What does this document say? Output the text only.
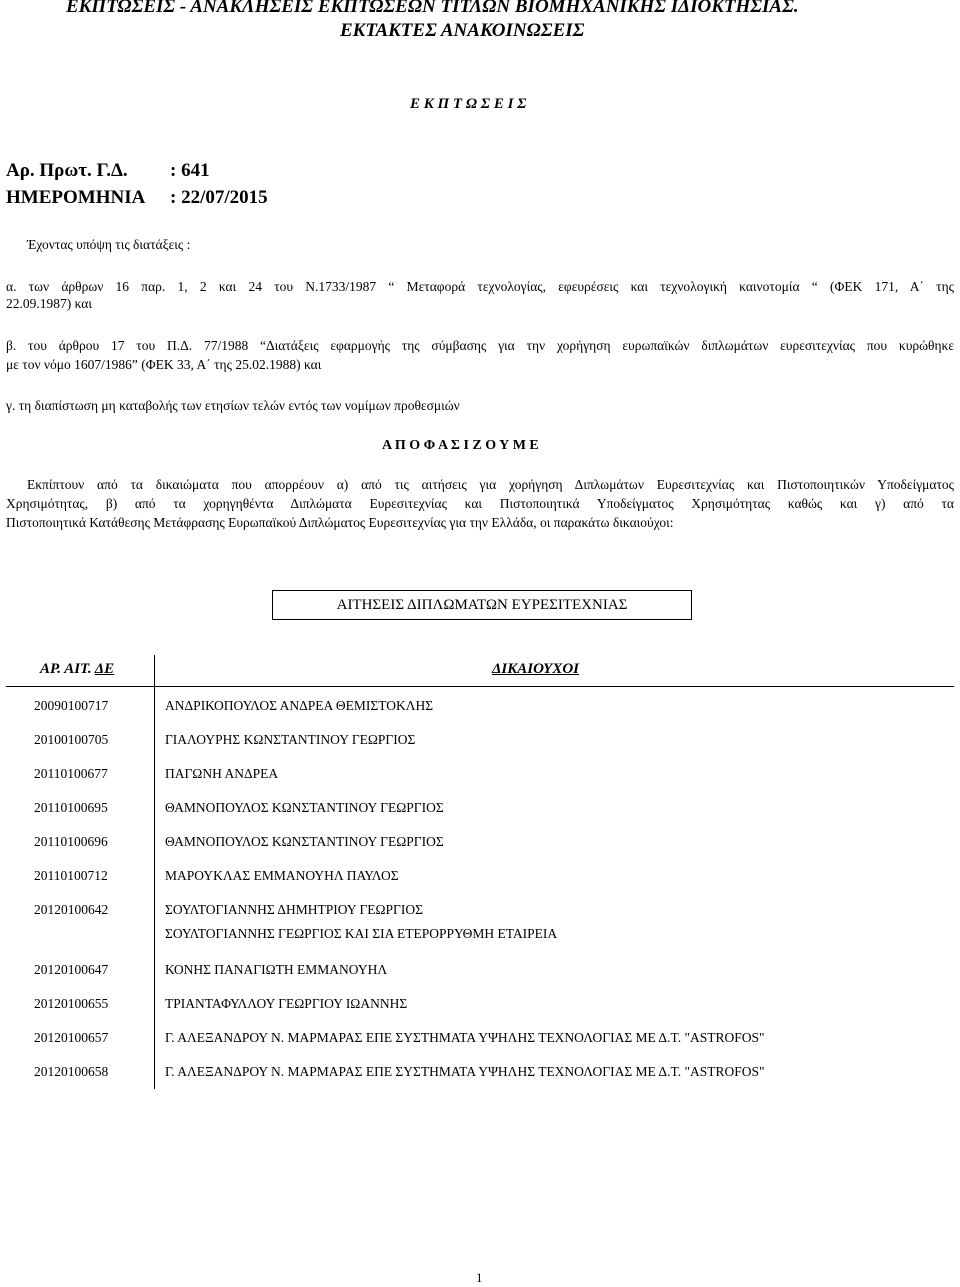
ΕΚΠΤΩΣΕΙΣ - ΑΝΑΚΛΗΣΕΙΣ ΕΚΠΤΩΣΕΩΝ ΤΙΤΛΩΝ ΒΙΟΜΗΧΑΝΙΚΗΣ ΙΔΙΟΚΤΗΣΙΑΣ.
ΕΚΤΑΚΤΕΣ ΑΝΑΚΟΙΝΩΣΕΙΣ
Ε Κ Π Τ Ω Σ Ε Ι Σ
Αρ. Πρωτ. Γ.Δ. : 641
ΗΜΕΡΟΜΗΝΙΑ : 22/07/2015
Έχοντας υπόψη τις διατάξεις :
α. των άρθρων 16 παρ. 1, 2 και 24 του Ν.1733/1987 “ Μεταφορά τεχνολογίας, εφευρέσεις και τεχνολογική καινοτομία “ (ΦΕΚ 171, Α΄ της
22.09.1987) και
β. του άρθρου 17 του Π.Δ. 77/1988 “Διατάξεις εφαρμογής της σύμβασης για την χορήγηση ευρωπαϊκών διπλωμάτων ευρεσιτεχνίας που κυρώθηκε
με τον νόμο 1607/1986” (ΦΕΚ 33, Α΄ της 25.02.1988) και
γ. τη διαπίστωση μη καταβολής των ετησίων τελών εντός των νομίμων προθεσμιών
Α Π Ο Φ Α Σ Ι Ζ Ο Υ Μ Ε
Εκπίπτουν από τα δικαιώματα που απορρέουν α) από τις αιτήσεις για χορήγηση Διπλωμάτων Ευρεσιτεχνίας και Πιστοποιητικών Υποδείγματος
Χρησιμότητας, β) από τα χορηγηθέντα Διπλώματα Ευρεσιτεχνίας και Πιστοποιητικά Υποδείγματος Χρησιμότητας καθώς και γ) από τα
Πιστοποιητικά Κατάθεσης Μετάφρασης Ευρωπαϊκού Διπλώματος Ευρεσιτεχνίας για την Ελλάδα, οι παρακάτω δικαιούχοι:
ΑΙΤΗΣΕΙΣ ΔΙΠΛΩΜΑΤΩΝ ΕΥΡΕΣΙΤΕΧΝΙΑΣ
ΑΡ. ΑΙΤ. ΔΕ	ΔΙΚΑΙΟΥΧΟΙ
20090100717	ΑΝΔΡΙΚΟΠΟΥΛΟΣ ΑΝΔΡΕΑ ΘΕΜΙΣΤΟΚΛΗΣ
20100100705	ΓΙΑΛΟΥΡΗΣ ΚΩΝΣΤΑΝΤΙΝΟΥ ΓΕΩΡΓΙΟΣ
20110100677	ΠΑΓΩΝΗ ΑΝΔΡΕΑ
20110100695	ΘΑΜΝΟΠΟΥΛΟΣ ΚΩΝΣΤΑΝΤΙΝΟΥ ΓΕΩΡΓΙΟΣ
20110100696	ΘΑΜΝΟΠΟΥΛΟΣ ΚΩΝΣΤΑΝΤΙΝΟΥ ΓΕΩΡΓΙΟΣ
20110100712	ΜΑΡΟΥΚΛΑΣ ΕΜΜΑΝΟΥΗΛ ΠΑΥΛΟΣ
20120100642	ΣΟΥΛΤΟΓΙΑΝΝΗΣ ΔΗΜΗΤΡΙΟΥ ΓΕΩΡΓΙΟΣ
ΣΟΥΛΤΟΓΙΑΝΝΗΣ ΓΕΩΡΓΙΟΣ ΚΑΙ ΣΙΑ ΕΤΕΡΟΡΡΥΘΜΗ ΕΤΑΙΡΕΙΑ
20120100647	ΚΟΝΗΣ ΠΑΝΑΓΙΩΤΗ ΕΜΜΑΝΟΥΗΛ
20120100655	ΤΡΙΑΝΤΑΦΥΛΛΟΥ ΓΕΩΡΓΙΟΥ ΙΩΑΝΝΗΣ
20120100657	Γ. ΑΛΕΞΑΝΔΡΟΥ Ν. ΜΑΡΜΑΡΑΣ ΕΠΕ ΣΥΣΤΗΜΑΤΑ ΥΨΗΛΗΣ ΤΕΧΝΟΛΟΓΙΑΣ ΜΕ Δ.Τ. "ASTROFOS"
20120100658	Γ. ΑΛΕΞΑΝΔΡΟΥ Ν. ΜΑΡΜΑΡΑΣ ΕΠΕ ΣΥΣΤΗΜΑΤΑ ΥΨΗΛΗΣ ΤΕΧΝΟΛΟΓΙΑΣ ΜΕ Δ.Τ. "ASTROFOS"
1
